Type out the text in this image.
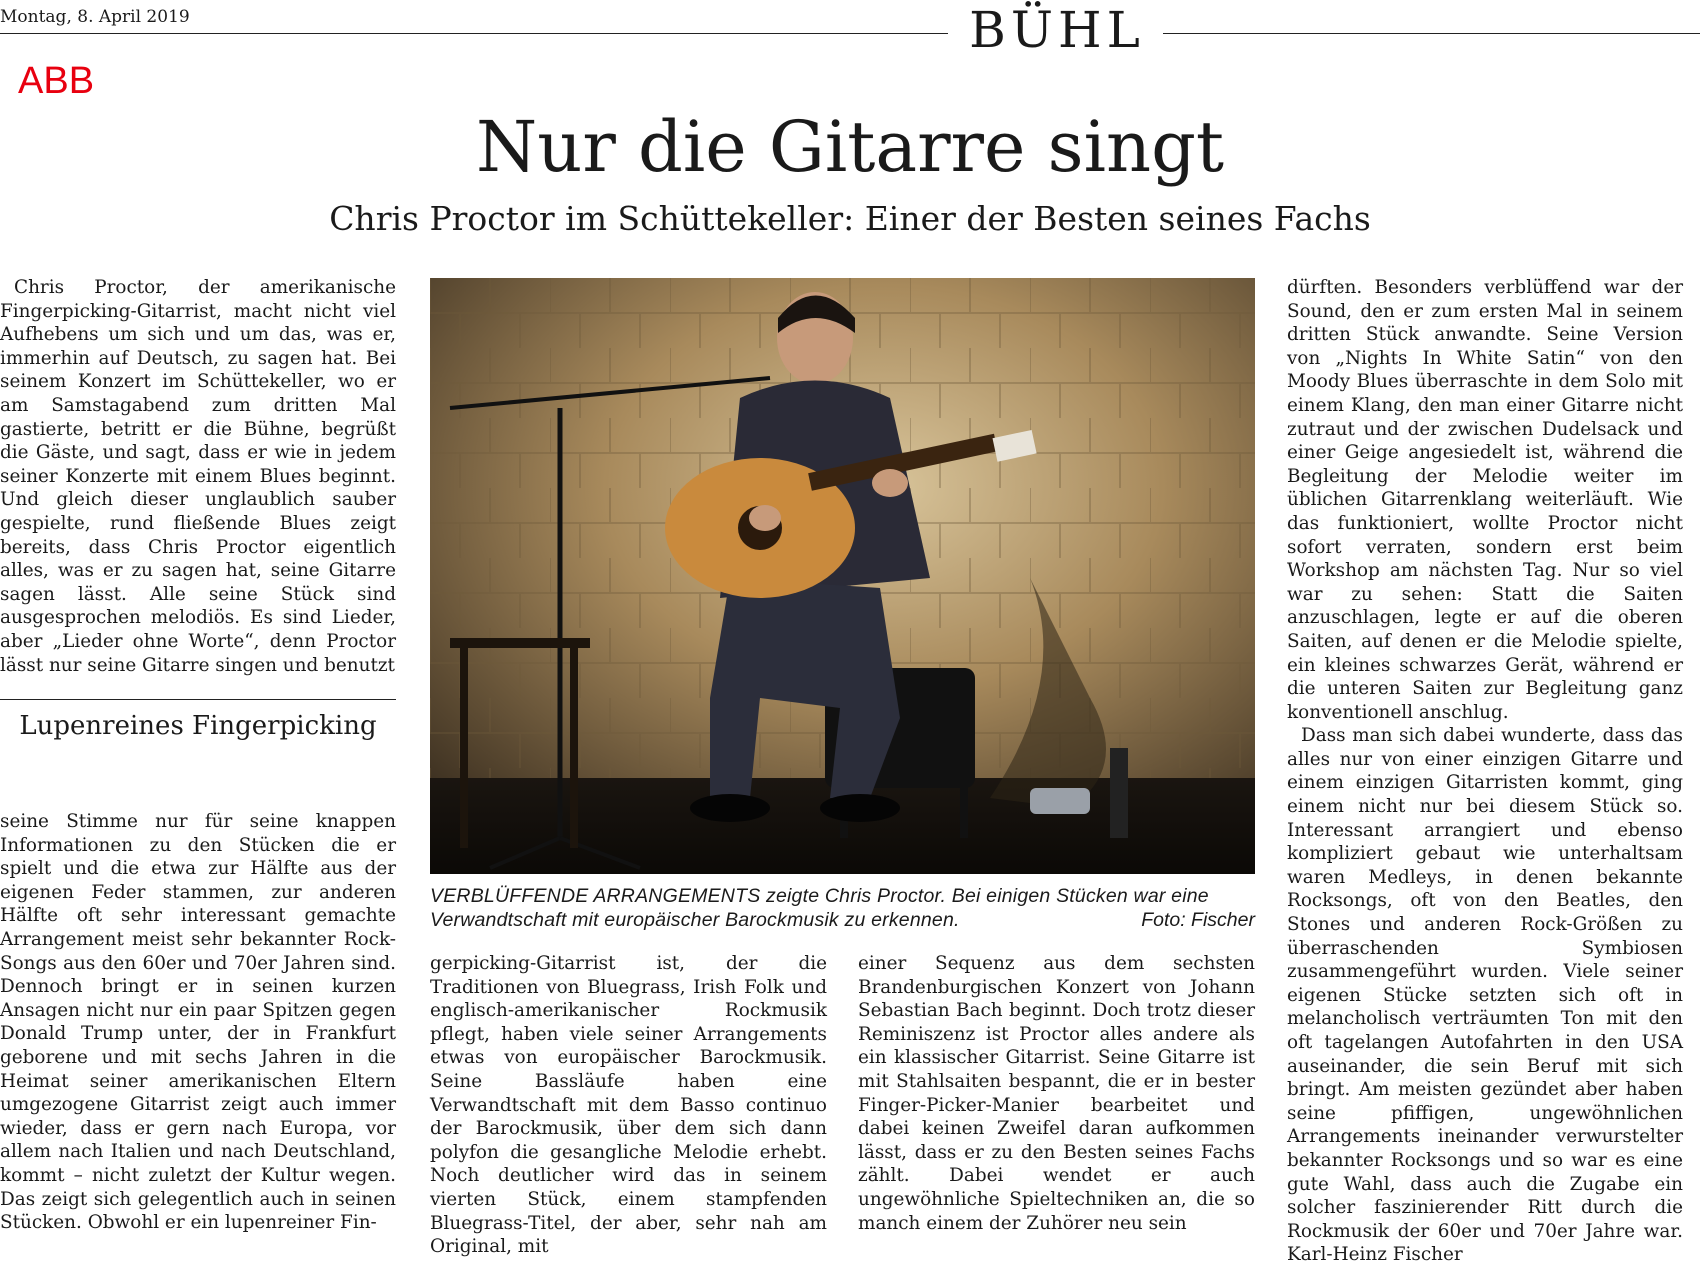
Montag, 8. April 2019	BÜHL
ABB
Nur die Gitarre singt
Chris Proctor im Schüttekeller: Einer der Besten seines Fachs

Chris Proctor, der amerikanische Fingerpicking-Gitarrist, macht nicht viel Aufhebens um sich und um das, was er, immerhin auf Deutsch, zu sagen hat. Bei seinem Konzert im Schüttekeller, wo er am Samstagabend zum dritten Mal gastierte, betritt er die Bühne, begrüßt die Gäste, und sagt, dass er wie in jedem seiner Konzerte mit einem Blues beginnt. Und gleich dieser unglaublich sauber gespielte, rund fließende Blues zeigt bereits, dass Chris Proctor eigentlich alles, was er zu sagen hat, seine Gitarre sagen lässt. Alle seine Stück sind ausgesprochen melodiös. Es sind Lieder, aber „Lieder ohne Worte“, denn Proctor lässt nur seine Gitarre singen und benutzt

Lupenreines Fingerpicking

seine Stimme nur für seine knappen Informationen zu den Stücken die er spielt und die etwa zur Hälfte aus der eigenen Feder stammen, zur anderen Hälfte oft sehr interessant gemachte Arrangement meist sehr bekannter Rock-Songs aus den 60er und 70er Jahren sind. Dennoch bringt er in seinen kurzen Ansagen nicht nur ein paar Spitzen gegen Donald Trump unter, der in Frankfurt geborene und mit sechs Jahren in die Heimat seiner amerikanischen Eltern umgezogene Gitarrist zeigt auch immer wieder, dass er gern nach Europa, vor allem nach Italien und nach Deutschland, kommt – nicht zuletzt der Kultur wegen. Das zeigt sich gelegentlich auch in seinen Stücken. Obwohl er ein lupenreiner Fin-

VERBLÜFFENDE ARRANGEMENTS zeigte Chris Proctor. Bei einigen Stücken war eine Verwandtschaft mit europäischer Barockmusik zu erkennen.	Foto: Fischer

gerpicking-Gitarrist ist, der die Traditionen von Bluegrass, Irish Folk und englisch-amerikanischer Rockmusik pflegt, haben viele seiner Arrangements etwas von europäischer Barockmusik. Seine Bassläufe haben eine Verwandtschaft mit dem Basso continuo der Barockmusik, über dem sich dann polyfon die gesangliche Melodie erhebt. Noch deutlicher wird das in seinem vierten Stück, einem stampfenden Bluegrass-Titel, der aber, sehr nah am Original, mit

einer Sequenz aus dem sechsten Brandenburgischen Konzert von Johann Sebastian Bach beginnt. Doch trotz dieser Reminiszenz ist Proctor alles andere als ein klassischer Gitarrist. Seine Gitarre ist mit Stahlsaiten bespannt, die er in bester Finger-Picker-Manier bearbeitet und dabei keinen Zweifel daran aufkommen lässt, dass er zu den Besten seines Fachs zählt. Dabei wendet er auch ungewöhnliche Spieltechniken an, die so manch einem der Zuhörer neu sein

dürften. Besonders verblüffend war der Sound, den er zum ersten Mal in seinem dritten Stück anwandte. Seine Version von „Nights In White Satin“ von den Moody Blues überraschte in dem Solo mit einem Klang, den man einer Gitarre nicht zutraut und der zwischen Dudelsack und einer Geige angesiedelt ist, während die Begleitung der Melodie weiter im üblichen Gitarrenklang weiterläuft. Wie das funktioniert, wollte Proctor nicht sofort verraten, sondern erst beim Workshop am nächsten Tag. Nur so viel war zu sehen: Statt die Saiten anzuschlagen, legte er auf die oberen Saiten, auf denen er die Melodie spielte, ein kleines schwarzes Gerät, während er die unteren Saiten zur Begleitung ganz konventionell anschlug.

Dass man sich dabei wunderte, dass das alles nur von einer einzigen Gitarre und einem einzigen Gitarristen kommt, ging einem nicht nur bei diesem Stück so. Interessant arrangiert und ebenso kompliziert gebaut wie unterhaltsam waren Medleys, in denen bekannte Rocksongs, oft von den Beatles, den Stones und anderen Rock-Größen zu überraschenden Symbiosen zusammengeführt wurden. Viele seiner eigenen Stücke setzten sich oft in melancholisch verträumten Ton mit den oft tagelangen Autofahrten in den USA auseinander, die sein Beruf mit sich bringt. Am meisten gezündet aber haben seine pfiffigen, ungewöhnlichen Arrangements ineinander verwurstelter bekannter Rocksongs und so war es eine gute Wahl, dass auch die Zugabe ein solcher faszinierender Ritt durch die Rockmusik der 60er und 70er Jahre war. Karl-Heinz Fischer
